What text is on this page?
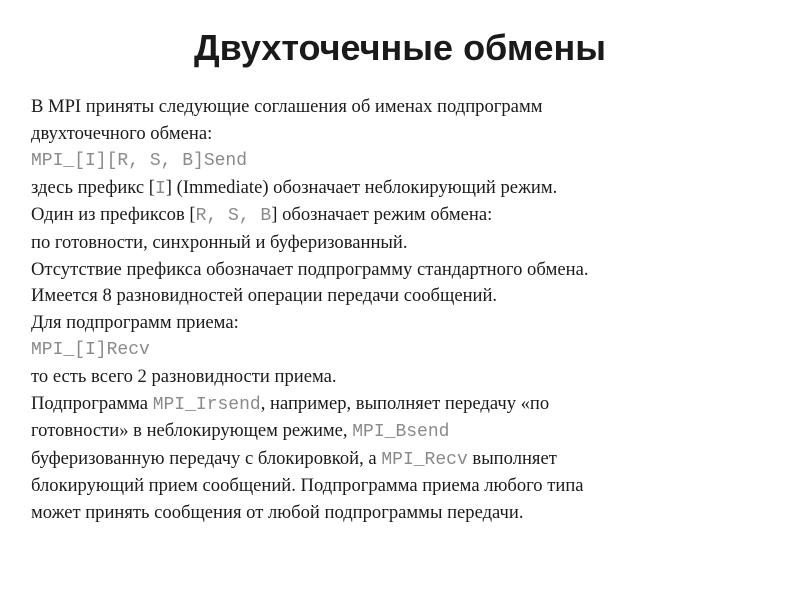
Двухточечные обмены
В MPI приняты следующие соглашения об именах подпрограмм
двухточечного обмена:
MPI_[I][R, S, B]Send
здесь префикс [I] (Immediate) обозначает неблокирующий режим.
Один из префиксов [R, S, B] обозначает режим обмена:
по готовности, синхронный и буферизованный.
Отсутствие префикса обозначает подпрограмму стандартного обмена.
Имеется 8 разновидностей операции передачи сообщений.
Для подпрограмм приема:
MPI_[I]Recv
то есть всего 2 разновидности приема.
Подпрограмма MPI_Irsend, например, выполняет передачу «по
готовности» в неблокирующем режиме, MPI_Bsend
буферизованную передачу с блокировкой, а MPI_Recv выполняет
блокирующий прием сообщений. Подпрограмма приема любого типа
может принять сообщения от любой подпрограммы передачи.
